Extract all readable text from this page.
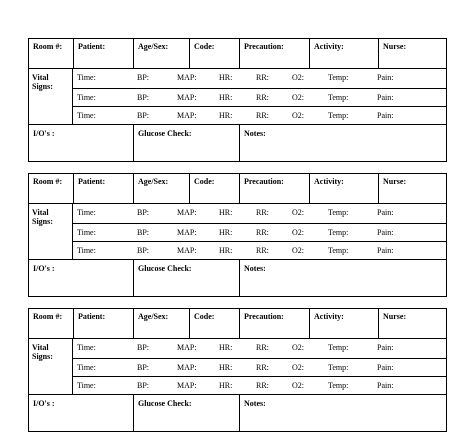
Room #:	Patient:	Age/Sex:	Code:	Precaution:	Activity:	Nurse:
Vital
Signs:
Time:	BP:	MAP:	HR:	RR:	O2:	Temp:	Pain:
Time:	BP:	MAP:	HR:	RR:	O2:	Temp:	Pain:
Time:	BP:	MAP:	HR:	RR:	O2:	Temp:	Pain:
I/O's :	Glucose Check:	Notes:
Room #:	Patient:	Age/Sex:	Code:	Precaution:	Activity:	Nurse:
Vital
Signs:
Time:	BP:	MAP:	HR:	RR:	O2:	Temp:	Pain:
Time:	BP:	MAP:	HR:	RR:	O2:	Temp:	Pain:
Time:	BP:	MAP:	HR:	RR:	O2:	Temp:	Pain:
I/O's :	Glucose Check:	Notes:
Room #:	Patient:	Age/Sex:	Code:	Precaution:	Activity:	Nurse:
Vital
Signs:
Time:	BP:	MAP:	HR:	RR:	O2:	Temp:	Pain:
Time:	BP:	MAP:	HR:	RR:	O2:	Temp:	Pain:
Time:	BP:	MAP:	HR:	RR:	O2:	Temp:	Pain:
I/O's :	Glucose Check:	Notes:
